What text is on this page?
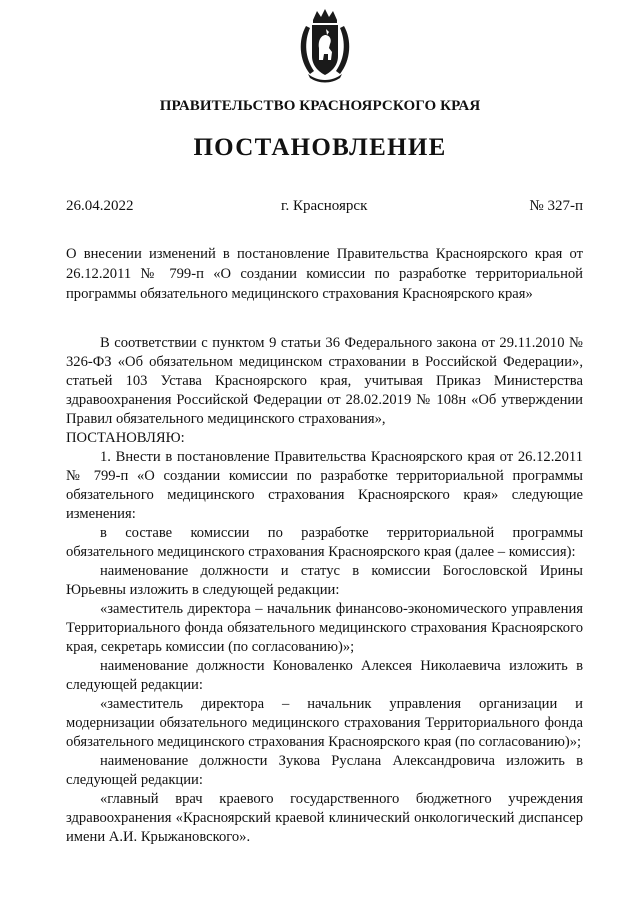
ПРАВИТЕЛЬСТВО КРАСНОЯРСКОГО КРАЯ
ПОСТАНОВЛЕНИЕ
26.04.2022	г. Красноярск	№ 327-п
О внесении изменений в постановление Правительства Красноярского края от 26.12.2011 № 799-п «О создании комиссии по разработке территориальной программы обязательного медицинского страхования Красноярского края»

В соответствии с пунктом 9 статьи 36 Федерального закона от 29.11.2010 № 326-ФЗ «Об обязательном медицинском страховании в Российской Федерации», статьей 103 Устава Красноярского края, учитывая Приказ Министерства здравоохранения Российской Федерации от 28.02.2019 № 108н «Об утверждении Правил обязательного медицинского страхования»,

ПОСТАНОВЛЯЮ:

1. Внести в постановление Правительства Красноярского края от 26.12.2011 № 799-п «О создании комиссии по разработке территориальной программы обязательного медицинского страхования Красноярского края» следующие изменения:

в составе комиссии по разработке территориальной программы обязательного медицинского страхования Красноярского края (далее – комиссия):

наименование должности и статус в комиссии Богословской Ирины Юрьевны изложить в следующей редакции:

«заместитель директора – начальник финансово-экономического управления Территориального фонда обязательного медицинского страхования Красноярского края, секретарь комиссии (по согласованию)»;

наименование должности Коноваленко Алексея Николаевича изложить в следующей редакции:

«заместитель директора – начальник управления организации и модернизации обязательного медицинского страхования Территориального фонда обязательного медицинского страхования Красноярского края (по согласованию)»;

наименование должности Зукова Руслана Александровича изложить в следующей редакции:

«главный врач краевого государственного бюджетного учреждения здравоохранения «Красноярский краевой клинический онкологический диспансер имени А.И. Крыжановского».
